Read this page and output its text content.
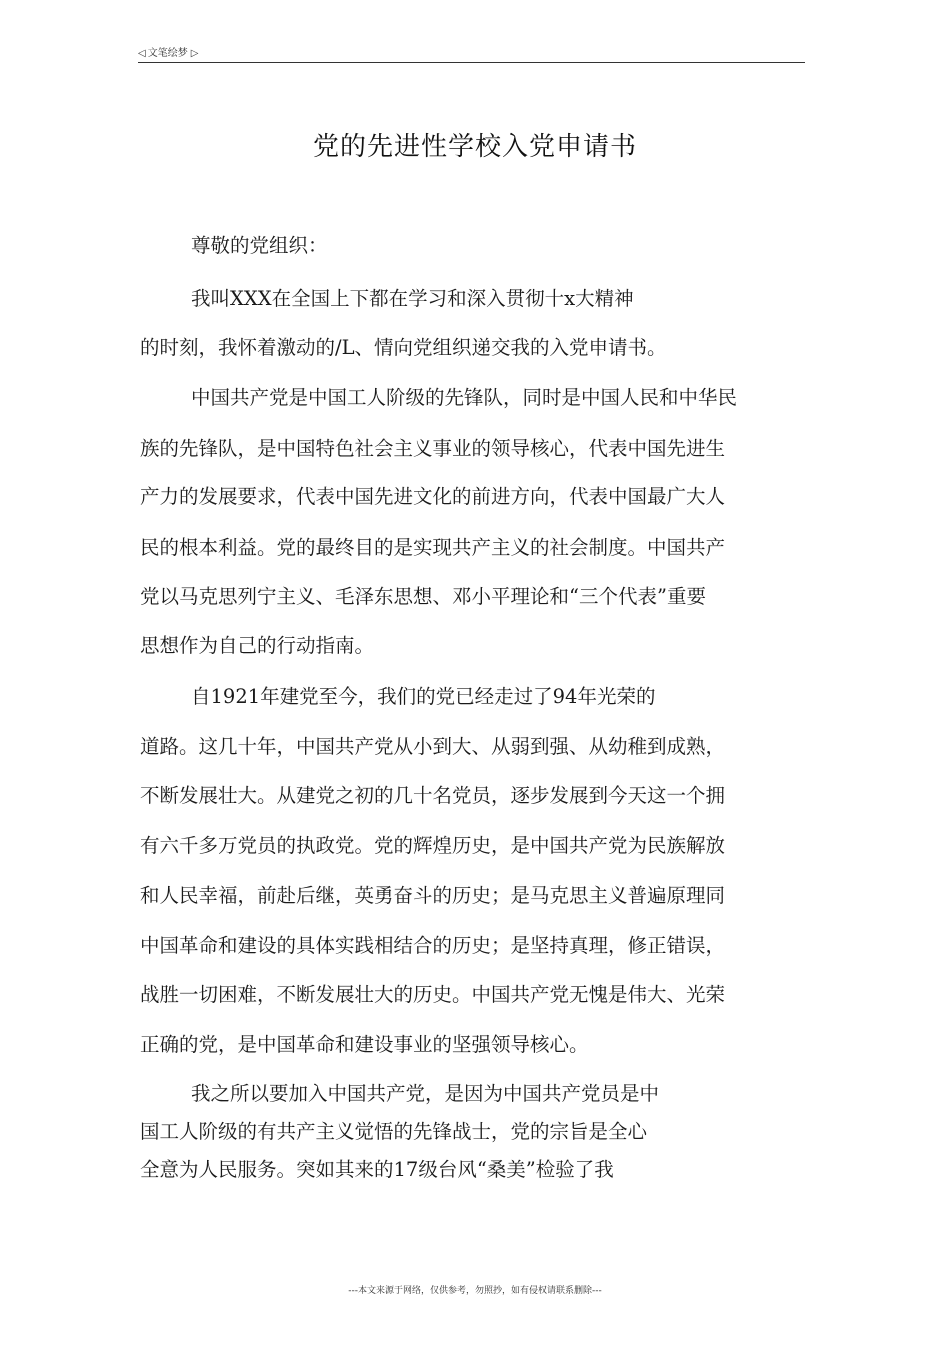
◁ 文笔绘梦 ▷
党的先进性学校入党申请书
尊敬的党组织：
我叫XXX在全国上下都在学习和深入贯彻十x大精神
的时刻，我怀着激动的/L、情向党组织递交我的入党申请书。
中国共产党是中国工人阶级的先锋队，同时是中国人民和中华民
族的先锋队，是中国特色社会主义事业的领导核心，代表中国先进生
产力的发展要求，代表中国先进文化的前进方向，代表中国最广大人
民的根本利益。党的最终目的是实现共产主义的社会制度。中国共产
党以马克思列宁主义、毛泽东思想、邓小平理论和“三个代表”重要
思想作为自己的行动指南。
自1921年建党至今，我们的党已经走过了94年光荣的
道路。这几十年，中国共产党从小到大、从弱到强、从幼稚到成熟，
不断发展壮大。从建党之初的几十名党员，逐步发展到今天这一个拥
有六千多万党员的执政党。党的辉煌历史，是中国共产党为民族解放
和人民幸福，前赴后继，英勇奋斗的历史；是马克思主义普遍原理同
中国革命和建设的具体实践相结合的历史；是坚持真理，修正错误，
战胜一切困难，不断发展壮大的历史。中国共产党无愧是伟大、光荣
正确的党，是中国革命和建设事业的坚强领导核心。
我之所以要加入中国共产党，是因为中国共产党员是中
国工人阶级的有共产主义觉悟的先锋战士，党的宗旨是全心
全意为人民服务。突如其来的17级台风“桑美”检验了我
---本文来源于网络，仅供参考，勿照抄，如有侵权请联系删除---
